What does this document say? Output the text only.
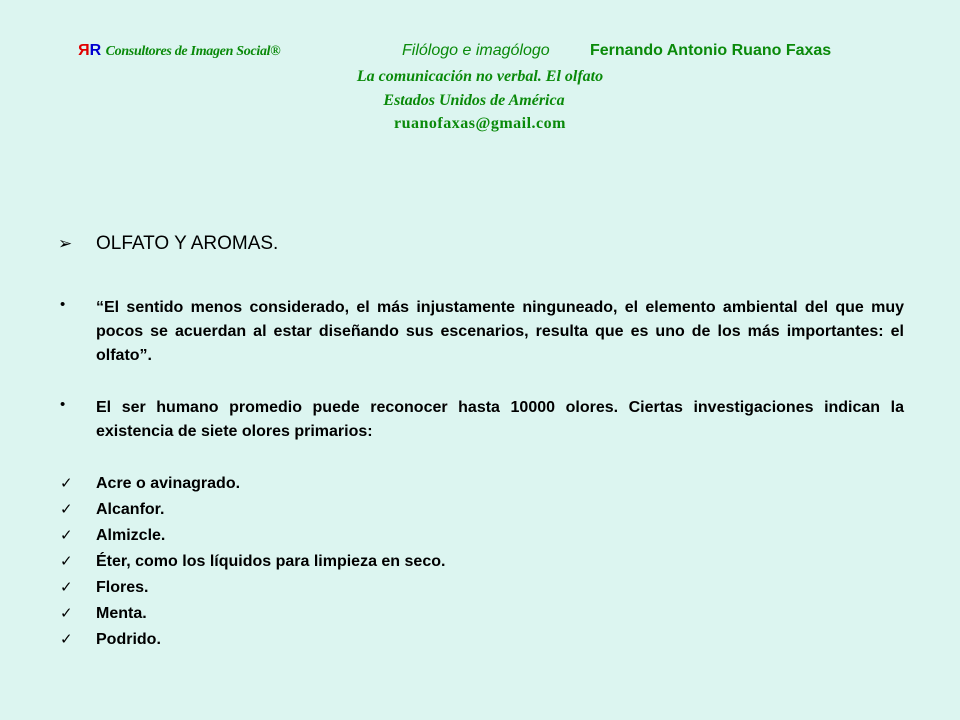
RR Consultores de Imagen Social®	Filólogo e imagólogo	Fernando Antonio Ruano Faxas
La comunicación no verbal. El olfato
Estados Unidos de América
ruanofaxas@gmail.com
➢ OLFATO Y AROMAS.
• “El sentido menos considerado, el más injustamente ninguneado, el elemento ambiental del que muy pocos se acuerdan al estar diseñando sus escenarios, resulta que es uno de los más importantes: el olfato”.
• El ser humano promedio puede reconocer hasta 10000 olores. Ciertas investigaciones indican la existencia de siete olores primarios:
✓ Acre o avinagrado.
✓ Alcanfor.
✓ Almizcle.
✓ Éter, como los líquidos para limpieza en seco.
✓ Flores.
✓ Menta.
✓ Podrido.
